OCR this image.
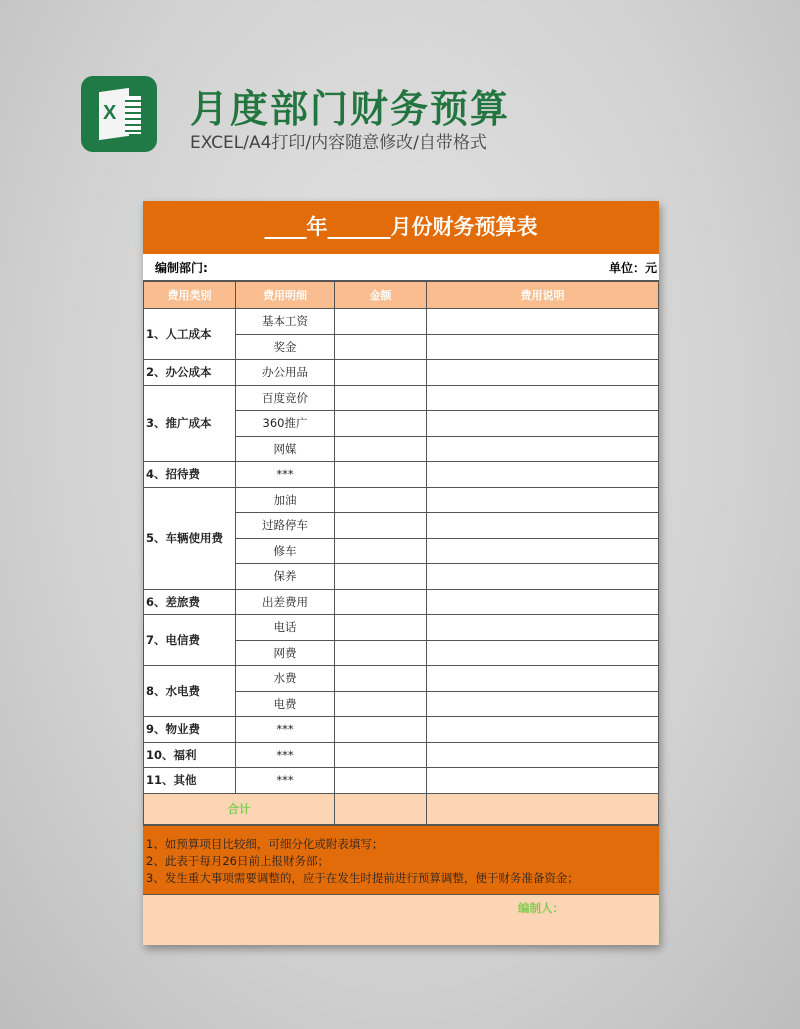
X 月度部门财务预算
EXCEL/A4打印/内容随意修改/自带格式
____年______月份财务预算表
编制部门:	单位：元
费用类别	费用明细	金额	费用说明
1、人工成本	基本工资		
	奖金		
2、办公成本	办公用品		
3、推广成本	百度竞价		
	360推广		
	网媒		
4、招待费	***		
5、车辆使用费	加油		
	过路停车		
	修车		
	保养		
6、差旅费	出差费用		
7、电信费	电话		
	网费		
8、水电费	水费		
	电费		
9、物业费	***		
10、福利	***		
11、其他	***		
合计			
1、如预算项目比较细，可细分化或附表填写；
2、此表于每月26日前上报财务部；
3、发生重大事项需要调整的，应于在发生时提前进行预算调整，便于财务准备资金；
编制人：
